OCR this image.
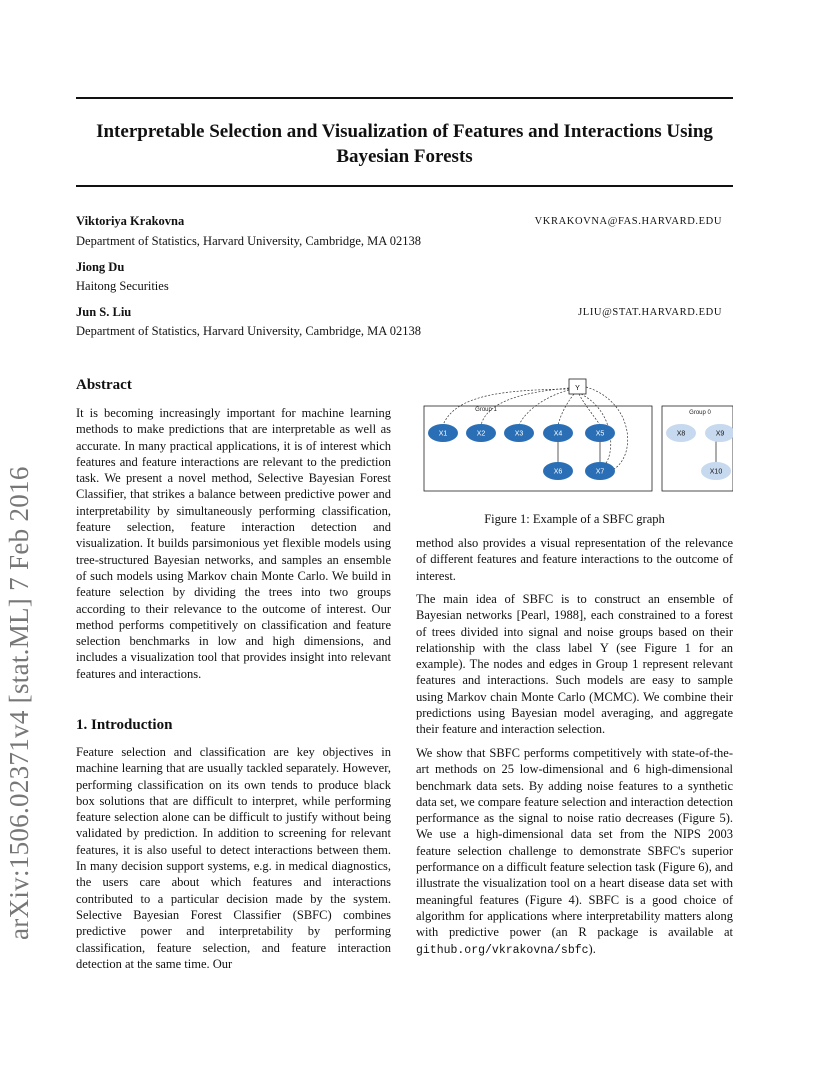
Interpretable Selection and Visualization of Features and Interactions Using Bayesian Forests
Viktoriya Krakovna	VKRAKOVNA@FAS.HARVARD.EDU
Department of Statistics, Harvard University, Cambridge, MA 02138
Jiong Du
Haitong Securities
Jun S. Liu	JLIU@STAT.HARVARD.EDU
Department of Statistics, Harvard University, Cambridge, MA 02138
arXiv:1506.02371v4 [stat.ML] 7 Feb 2016
Abstract

It is becoming increasingly important for machine learning methods to make predictions that are interpretable as well as accurate. In many practical applications, it is of interest which features and feature interactions are relevant to the prediction task. We present a novel method, Selective Bayesian Forest Classifier, that strikes a balance between predictive power and interpretability by simultaneously performing classification, feature selection, feature interaction detection and visualization. It builds parsimonious yet flexible models using tree-structured Bayesian networks, and samples an ensemble of such models using Markov chain Monte Carlo. We build in feature selection by dividing the trees into two groups according to their relevance to the outcome of interest. Our method performs competitively on classification and feature selection benchmarks in low and high dimensions, and includes a visualization tool that provides insight into relevant features and interactions.

1. Introduction

Feature selection and classification are key objectives in machine learning that are usually tackled separately. However, performing classification on its own tends to produce black box solutions that are difficult to interpret, while performing feature selection alone can be difficult to justify without being validated by prediction. In addition to screening for relevant features, it is also useful to detect interactions between them. In many decision support systems, e.g. in medical diagnostics, the users care about which features and interactions contributed to a particular decision made by the system. Selective Bayesian Forest Classifier (SBFC) combines predictive power and interpretability by performing classification, feature selection, and feature interaction detection at the same time. Our

Group 1	Group 0
Y
X1	X2	X3	X4	X5
X6	X7
X8	X9
X10
Figure 1: Example of a SBFC graph

method also provides a visual representation of the relevance of different features and feature interactions to the outcome of interest.

The main idea of SBFC is to construct an ensemble of Bayesian networks [Pearl, 1988], each constrained to a forest of trees divided into signal and noise groups based on their relationship with the class label Y (see Figure 1 for an example). The nodes and edges in Group 1 represent relevant features and interactions. Such models are easy to sample using Markov chain Monte Carlo (MCMC). We combine their predictions using Bayesian model averaging, and aggregate their feature and interaction selection.

We show that SBFC performs competitively with state-of-the-art methods on 25 low-dimensional and 6 high-dimensional benchmark data sets. By adding noise features to a synthetic data set, we compare feature selection and interaction detection performance as the signal to noise ratio decreases (Figure 5). We use a high-dimensional data set from the NIPS 2003 feature selection challenge to demonstrate SBFC's superior performance on a difficult feature selection task (Figure 6), and illustrate the visualization tool on a heart disease data set with meaningful features (Figure 4). SBFC is a good choice of algorithm for applications where interpretability matters along with predictive power (an R package is available at github.org/vkrakovna/sbfc).
